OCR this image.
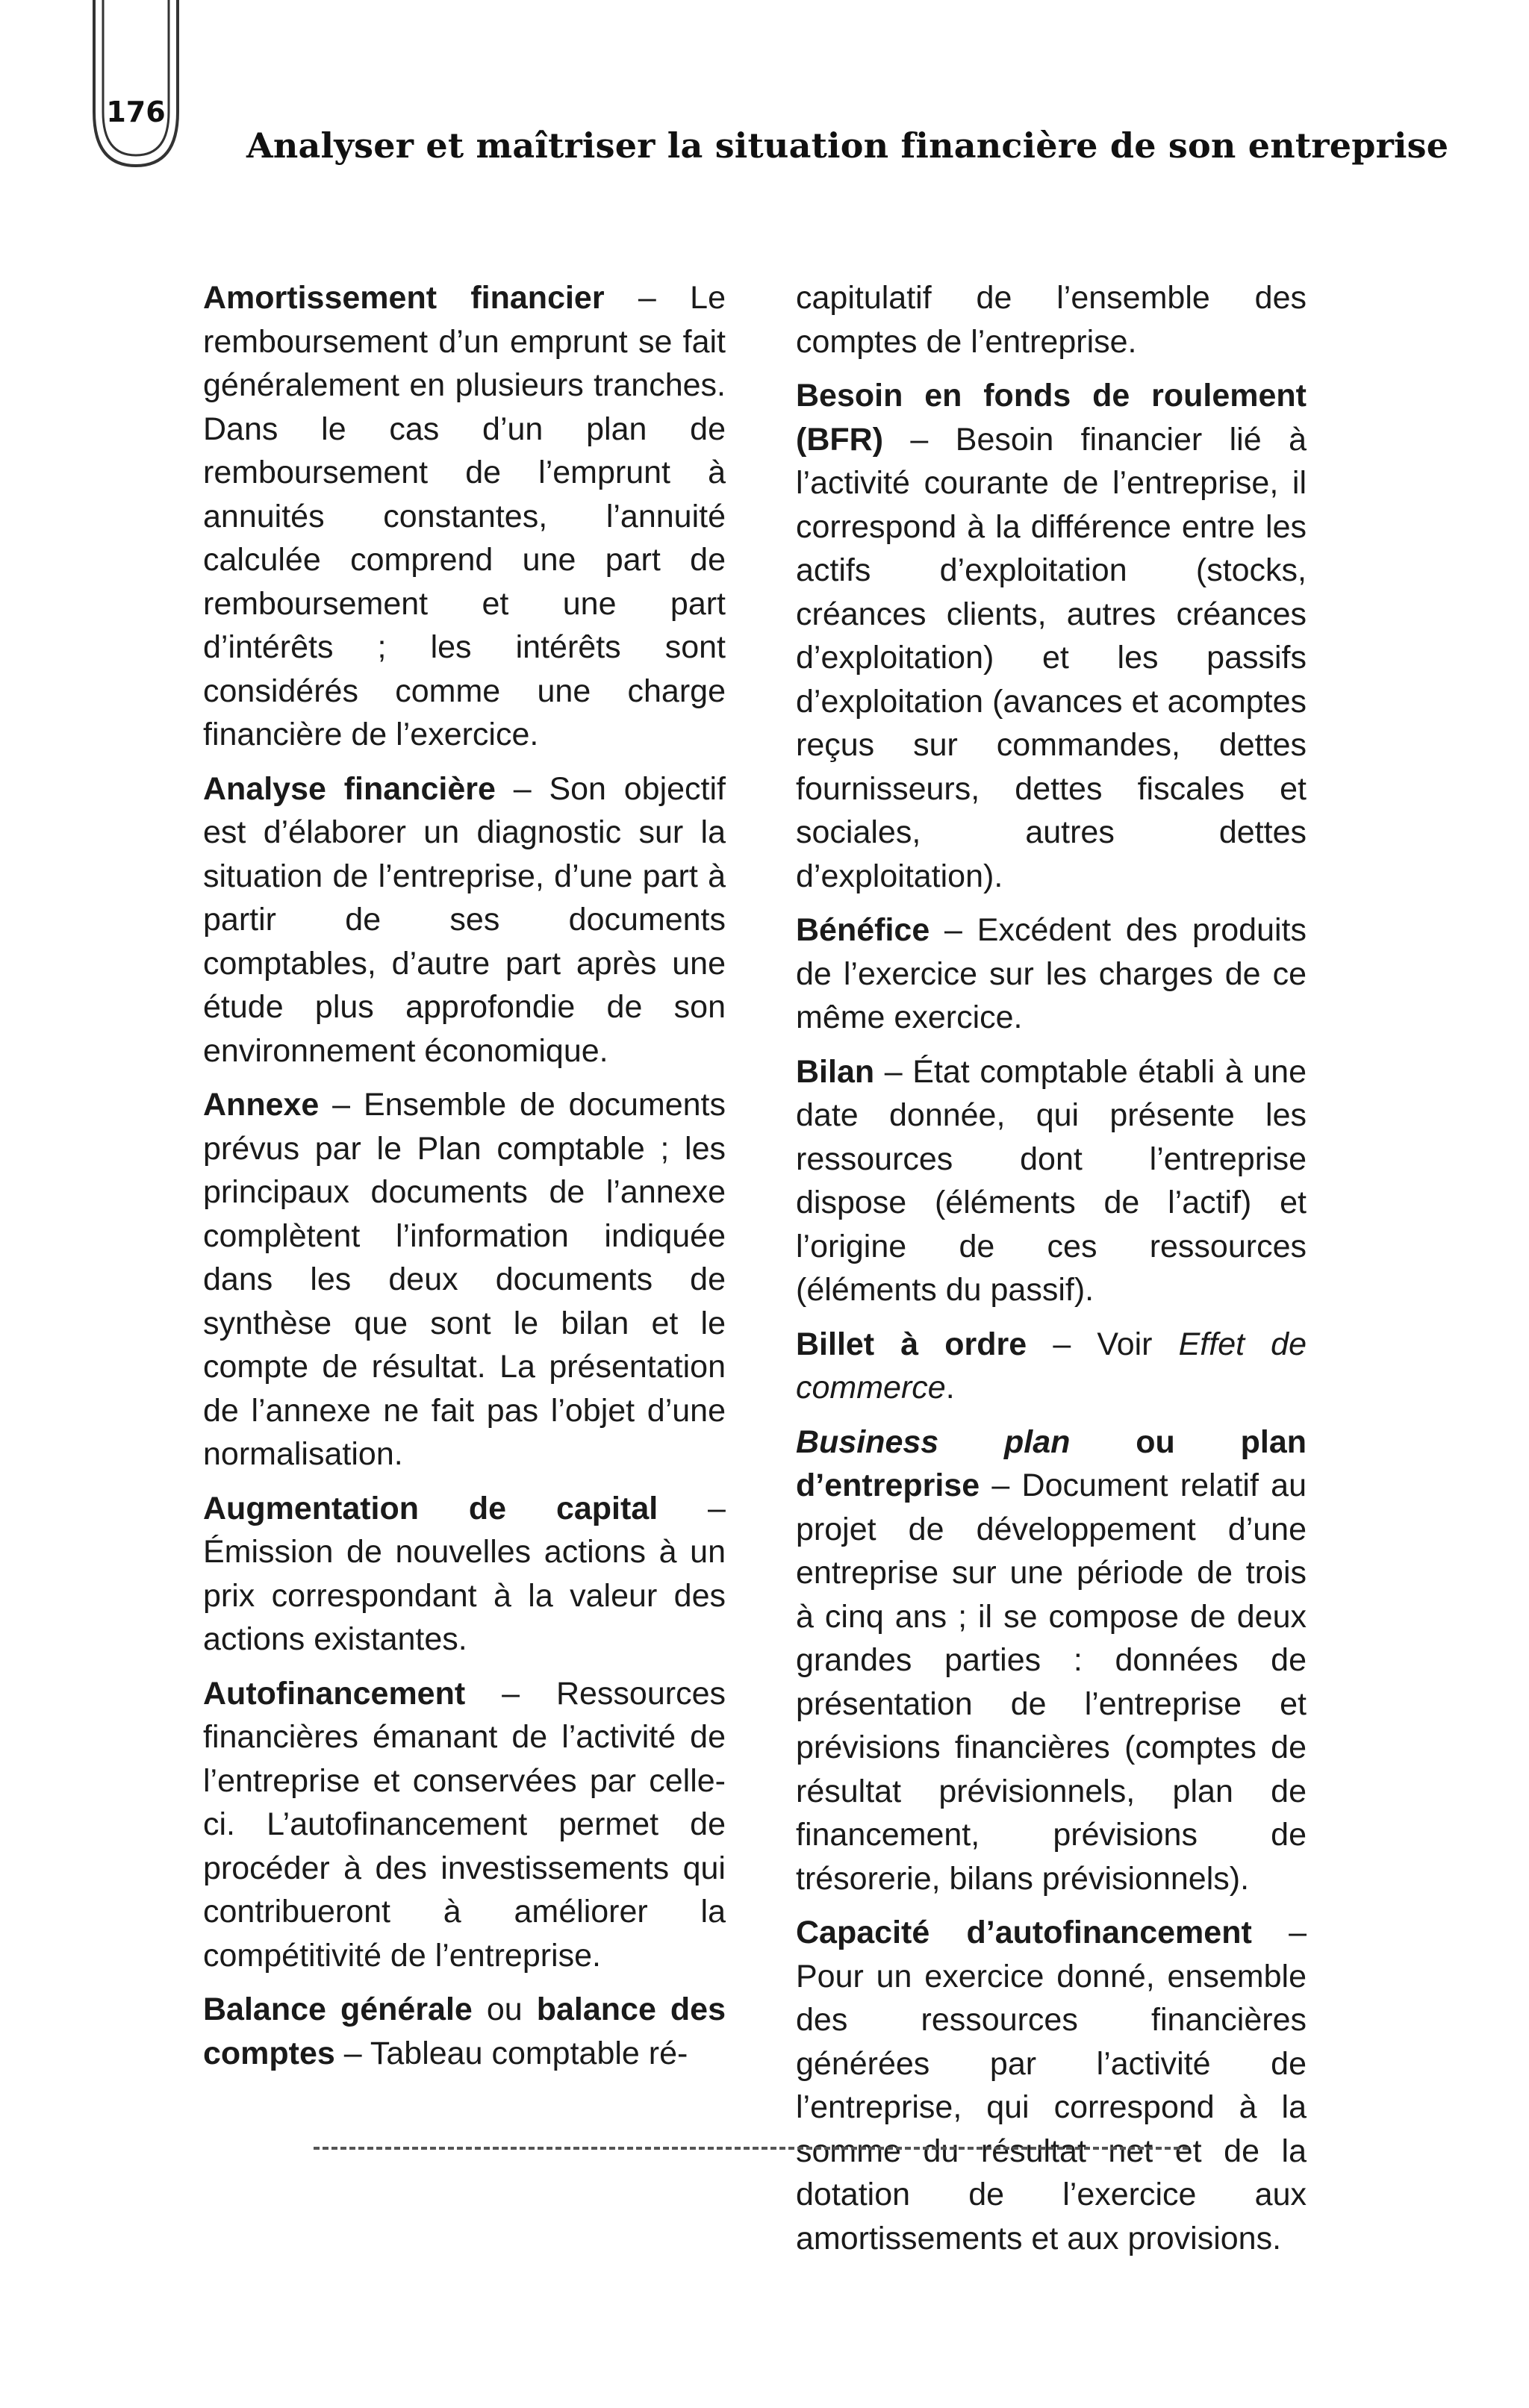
176
Analyser et maîtriser la situation financière de son entreprise

Amortissement financier – Le remboursement d’un emprunt se fait généralement en plusieurs tranches. Dans le cas d’un plan de remboursement de l’emprunt à annuités constantes, l’annuité calculée comprend une part de remboursement et une part d’intérêts ; les intérêts sont considérés comme une charge financière de l’exercice.

Analyse financière – Son objectif est d’élaborer un diagnostic sur la situation de l’entreprise, d’une part à partir de ses documents comptables, d’autre part après une étude plus approfondie de son environnement économique.

Annexe – Ensemble de documents prévus par le Plan comptable ; les principaux documents de l’annexe complètent l’information indiquée dans les deux documents de synthèse que sont le bilan et le compte de résultat. La présentation de l’annexe ne fait pas l’objet d’une normalisation.

Augmentation de capital – Émission de nouvelles actions à un prix correspondant à la valeur des actions existantes.

Autofinancement – Ressources financières émanant de l’activité de l’entreprise et conservées par celle-ci. L’autofinancement permet de procéder à des investissements qui contribueront à améliorer la compétitivité de l’entreprise.

Balance générale ou balance des comptes – Tableau comptable ré-

capitulatif de l’ensemble des comptes de l’entreprise.

Besoin en fonds de roulement (BFR) – Besoin financier lié à l’activité courante de l’entreprise, il correspond à la différence entre les actifs d’exploitation (stocks, créances clients, autres créances d’exploitation) et les passifs d’exploitation (avances et acomptes reçus sur commandes, dettes fournisseurs, dettes fiscales et sociales, autres dettes d’exploitation).

Bénéfice – Excédent des produits de l’exercice sur les charges de ce même exercice.

Bilan – État comptable établi à une date donnée, qui présente les ressources dont l’entreprise dispose (éléments de l’actif) et l’origine de ces ressources (éléments du passif).

Billet à ordre – Voir Effet de commerce.

Business plan ou plan d’entreprise – Document relatif au projet de développement d’une entreprise sur une période de trois à cinq ans ; il se compose de deux grandes parties : données de présentation de l’entreprise et prévisions financières (comptes de résultat prévisionnels, plan de financement, prévisions de trésorerie, bilans prévisionnels).

Capacité d’autofinancement – Pour un exercice donné, ensemble des ressources financières générées par l’activité de l’entreprise, qui correspond à la somme du résultat net et de la dotation de l’exercice aux amortissements et aux provisions.
